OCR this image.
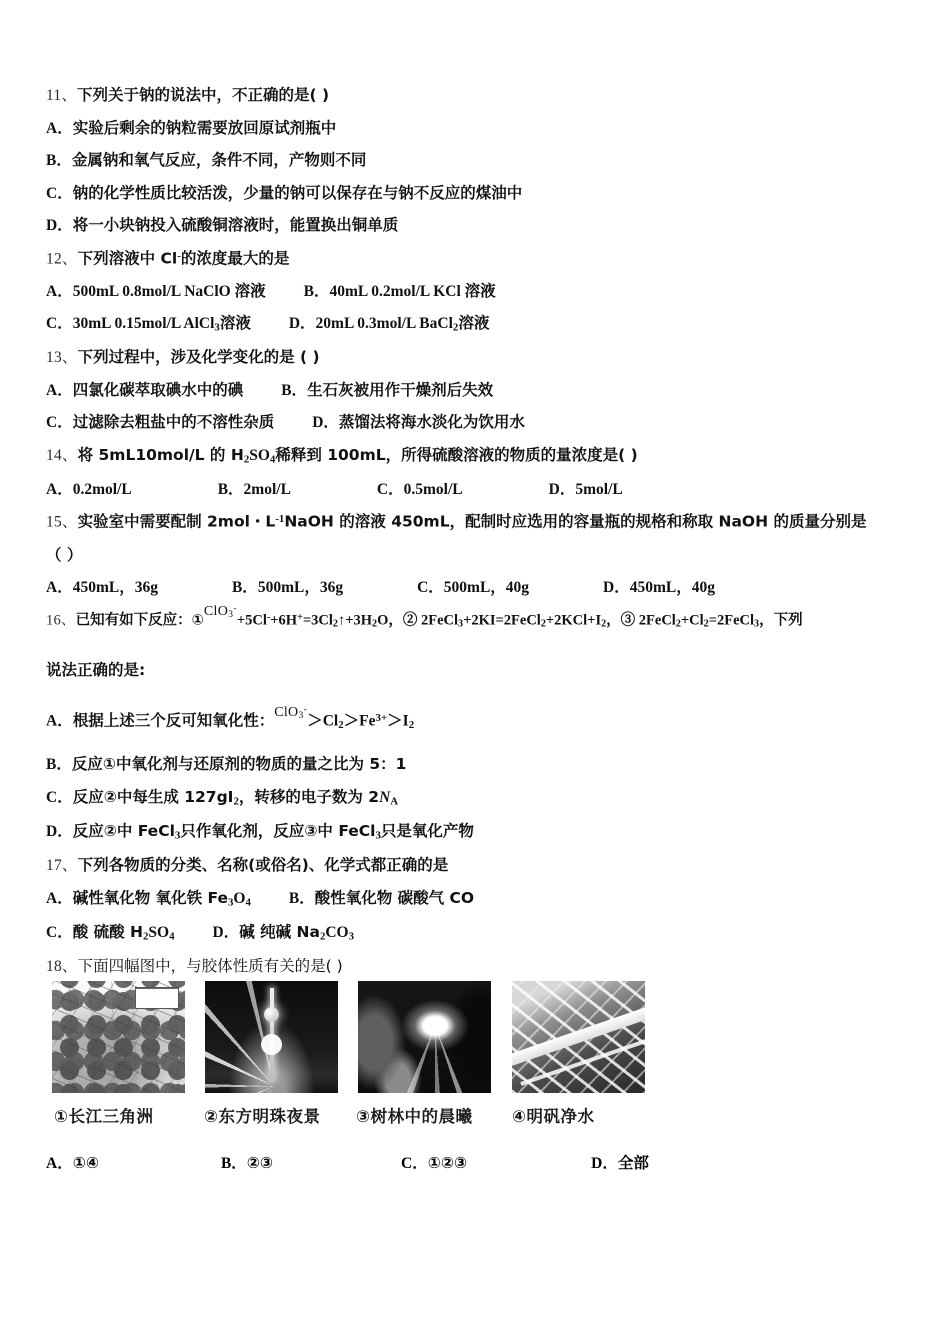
11、下列关于钠的说法中，不正确的是( )
A．实验后剩余的钠粒需要放回原试剂瓶中
B．金属钠和氧气反应，条件不同，产物则不同
C．钠的化学性质比较活泼，少量的钠可以保存在与钠不反应的煤油中
D．将一小块钠投入硫酸铜溶液时，能置换出铜单质
12、下列溶液中 Cl-的浓度最大的是
A．500mL 0.8mol/L NaClO 溶液 B．40mL 0.2mol/L KCl 溶液
C．30mL 0.15mol/L AlCl$_3$溶液 D．20mL 0.3mol/L BaCl$_2$溶液
13、下列过程中，涉及化学变化的是 ( )
A．四氯化碳萃取碘水中的碘 B．生石灰被用作干燥剂后失效
C．过滤除去粗盐中的不溶性杂质 D．蒸馏法将海水淡化为饮用水
14、将 5mL10mol/L 的 $H_2SO_4$稀释到 100mL，所得硫酸溶液的物质的量浓度是( )
A．0.2mol/L	B．2mol/L	C．0.5mol/L	D．5mol/L
15、实验室中需要配制 2mol・$L^{-1}NaOH$ 的溶液 450mL，配制时应选用的容量瓶的规格和称取 NaOH 的质量分别是
（ ）
A．450mL，36g	B．500mL，36g	C．500mL，40g	D．450mL，40g
16、已知有如下反应：$①ClO_3^-+5Cl^-+6H^+=3Cl_2↑+3H_2O$，② $2FeCl_3+2KI=2FeCl_2+2KCl+I_2$，③ $2FeCl_2+Cl_2=2FeCl_3$，下列
说法正确的是:
A．根据上述三个反可知氧化性：$ClO_3^->Cl_2>Fe^{3+}>I_2$
B．反应①中氧化剂与还原剂的物质的量之比为 5：1
C．反应②中每生成 $127gI_2$，转移的电子数为 $2N_A$
D．反应②中 FeCl$_3$只作氧化剂，反应③中 FeCl$_3$只是氧化产物
17、下列各物质的分类、名称(或俗名)、化学式都正确的是
A．碱性氧化物 氧化铁 $Fe_3O_4$ B．酸性氧化物 碳酸气 CO
C．酸 硫酸 $H_2SO_4$ D．碱 纯碱 $Na_2CO_3$
18、下面四幅图中，与胶体性质有关的是( )
①长江三角洲	②东方明珠夜景 ③树林中的晨曦 ④明矾净水
A．①④	B．②③	C．①②③	D．全部
